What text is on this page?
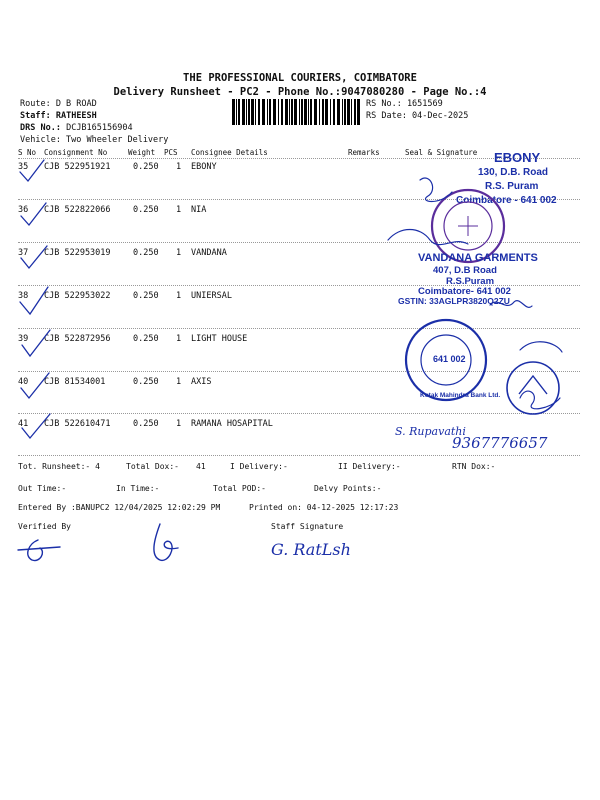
THE PROFESSIONAL COURIERS, COIMBATORE
Delivery Runsheet - PC2 - Phone No.:9047080280 - Page No.:4
Route: D B ROAD
Staff: RATHEESH
DRS No.: DCJB165156904
Vehicle: Two Wheeler Delivery
RS No.: 1651569
RS Date: 04-Dec-2025
S No Consignment No	Weight PCS Consignee Details	Remarks	Seal & Signature
35 CJB 522951921	0.250 1 EBONY
36 CJB 522822066	0.250 1 NIA
37 CJB 522953019	0.250 1 VANDANA
38 CJB 522953022	0.250 1 UNIERSAL
39 CJB 522872956	0.250 1 LIGHT HOUSE
40 CJB 81534001	0.250 1 AXIS
41 CJB 522610471	0.250 1 RAMANA HOSAPITAL
EBONY
130, D.B. Road
R.S. Puram
Coimbatore - 641 002
VANDANA GARMENTS
407, D.B Road
R.S.Puram
Coimbatore- 641 002
GSTIN: 33AGLPR3820Q2ZU
Kotak Mahindra Bank Ltd.
641 002
S. Rupavathi
9367776657
Tot. Runsheet:- 4	Total Dox:- 41	I Delivery:-	II Delivery:-	RTN Dox:-
Out Time:-	In Time:-	Total POD:-	Delvy Points:-
Entered By :BANUPC2 12/04/2025 12:02:29 PM	Printed on: 04-12-2025 12:17:23
Verified By	Staff Signature
G. RatLsh
